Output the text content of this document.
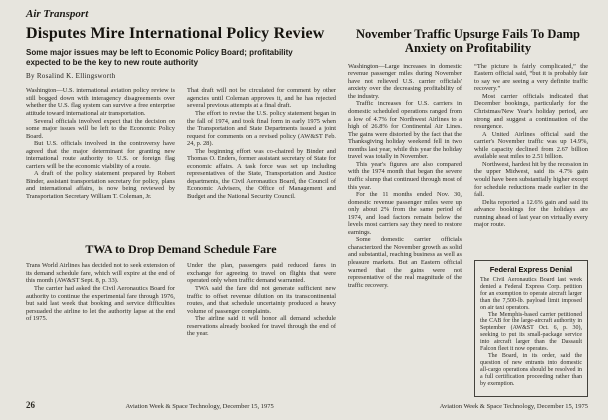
Air Transport
Disputes Mire International Policy Review
Some major issues may be left to Economic Policy Board; profitability expected to be the key to new route authority
By Rosalind K. Ellingsworth

Washington—U.S. international aviation policy review is still bogged down with interagency disagreements over whether the U.S. flag system can survive a free enterprise attitude toward international air transportation.

Several officials involved expect that the decision on some major issues will be left to the Economic Policy Board.

But U.S. officials involved in the controversy have agreed that the major determinant for granting new international route authority to U.S. or foreign flag carriers will be the economic viability of a route.

A draft of the policy statement prepared by Robert Binder, assistant transportation secretary for policy, plans and international affairs, is now being reviewed by Transportation Secretary William T. Coleman, Jr.

That draft will not be circulated for comment by other agencies until Coleman approves it, and he has rejected several previous attempts at a final draft.

The effort to revise the U.S. policy statement began in the fall of 1974, and took final form in early 1975 when the Transportation and State Departments issued a joint request for comments on a revised policy (AW&ST Feb. 24, p. 28).

The beginning effort was co-chaired by Binder and Thomas O. Enders, former assistant secretary of State for economic affairs. A task force was set up including representatives of the State, Transportation and Justice departments, the Civil Aeronautics Board, the Council of Economic Advisers, the Office of Management and Budget and the National Security Council.

TWA to Drop Demand Schedule Fare

Trans World Airlines has decided not to seek extension of its demand schedule fare, which will expire at the end of this month (AW&ST Sept. 8, p. 33).

The carrier had asked the Civil Aeronautics Board for authority to continue the experimental fare through 1976, but said last week that booking and service difficulties persuaded the airline to let the authority lapse at the end of 1975.

Under the plan, passengers paid reduced fares in exchange for agreeing to travel on flights that were operated only when traffic demand warranted.

TWA said the fare did not generate sufficient new traffic to offset revenue dilution on its transcontinental routes, and that schedule uncertainty produced a heavy volume of passenger complaints.

The airline said it will honor all demand schedule reservations already booked for travel through the end of the year.

November Traffic Upsurge Fails To Damp Anxiety on Profitability

Washington—Large increases in domestic revenue passenger miles during November have not relieved U.S. carrier officials' anxiety over the decreasing profitability of the industry.

Traffic increases for U.S. carriers in domestic scheduled operations ranged from a low of 4.7% for Northwest Airlines to a high of 26.8% for Continental Air Lines. The gains were distorted by the fact that the Thanksgiving holiday weekend fell in two months last year, while this year the holiday travel was totally in November.

This year's figures are also compared with the 1974 month that began the severe traffic slump that continued through most of this year.

For the 11 months ended Nov. 30, domestic revenue passenger miles were up only about 2% from the same period of 1974, and load factors remain below the levels most carriers say they need to restore earnings.

Some domestic carrier officials characterized the November growth as solid and substantial, reaching business as well as pleasure markets. But an Eastern official warned that the gains were not representative of the real magnitude of the traffic recovery.

“The picture is fairly complicated,” the Eastern official said, “but it is probably fair to say we are seeing a very definite traffic recovery.”

Most carrier officials indicated that December bookings, particularly for the Christmas/New Year's holiday period, are strong and suggest a continuation of the resurgence.

A United Airlines official said the carrier's November traffic was up 14.9%, while capacity declined from 2.67 billion available seat miles to 2.51 billion.

Northwest, hardest hit by the recession in the upper Midwest, said its 4.7% gain would have been substantially higher except for schedule reductions made earlier in the fall.

Delta reported a 12.6% gain and said its advance bookings for the holidays are running ahead of last year on virtually every major route.

Federal Express Denial

The Civil Aeronautics Board last week denied a Federal Express Corp. petition for an exemption to operate aircraft larger than the 7,500-lb. payload limit imposed on air taxi operators.

The Memphis-based carrier petitioned the CAB for the large-aircraft authority in September (AW&ST Oct. 6, p. 30), seeking to put its small-package service into aircraft larger than the Dassault Falcon fleet it now operates.

The Board, in its order, said the question of new entrants into domestic all-cargo operations should be resolved in a full certification proceeding rather than by exemption.

26	Aviation Week & Space Technology, December 15, 1975	Aviation Week & Space Technology, December 15, 1975
